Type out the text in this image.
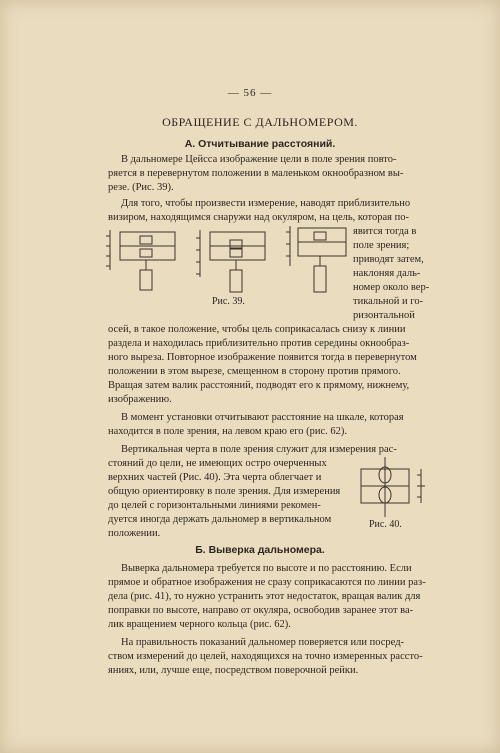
— 56 —
ОБРАЩЕНИЕ С ДАЛЬНОМЕРОМ.
А. Отчитывание расстояний.
В дальномере Цейсса изображение цели в поле зрения повто-
ряется в перевернутом положении в маленьком окнообразном вы-
резе. (Рис. 39).
Для того, чтобы произвести измерение, наводят приблизительно
визиром, находящимся снаружи над окуляром, на цель, которая по-
явится тогда в
поле зрения;
приводят затем,
наклоняя даль-
номер около вер-
тикальной и го-
ризонтальной
Рис. 39.
осей, в такое положение, чтобы цель соприкасалась снизу к линии
раздела и находилась приблизительно против середины окнообраз-
ного выреза. Повторное изображение появится тогда в перевернутом
положении в этом вырезе, смещенном в сторону против прямого.
Вращая затем валик расстояний, подводят его к прямому, нижнему,
изображению.
В момент установки отчитывают расстояние на шкале, которая
находится в поле зрения, на левом краю его (рис. 62).
Вертикальная черта в поле зрения служит для измерения рас-
стояний до цели, не имеющих остро очерченных
верхних частей (Рис. 40). Эта черта облегчает и
общую ориентировку в поле зрения. Для измерения
до целей с горизонтальными линиями рекомен-
дуется иногда держать дальномер в вертикальном
положении.
Рис. 40.
Б. Выверка дальномера.
Выверка дальномера требуется по высоте и по расстоянию. Если
прямое и обратное изображения не сразу соприкасаются по линии раз-
дела (рис. 41), то нужно устранить этот недостаток, вращая валик для
поправки по высоте, направо от окуляра, освободив заранее этот ва-
лик вращением черного кольца (рис. 62).
На правильность показаний дальномер поверяется или посред-
ством измерений до целей, находящихся на точно измеренных рассто-
яниях, или, лучше еще, посредством поверочной рейки.
